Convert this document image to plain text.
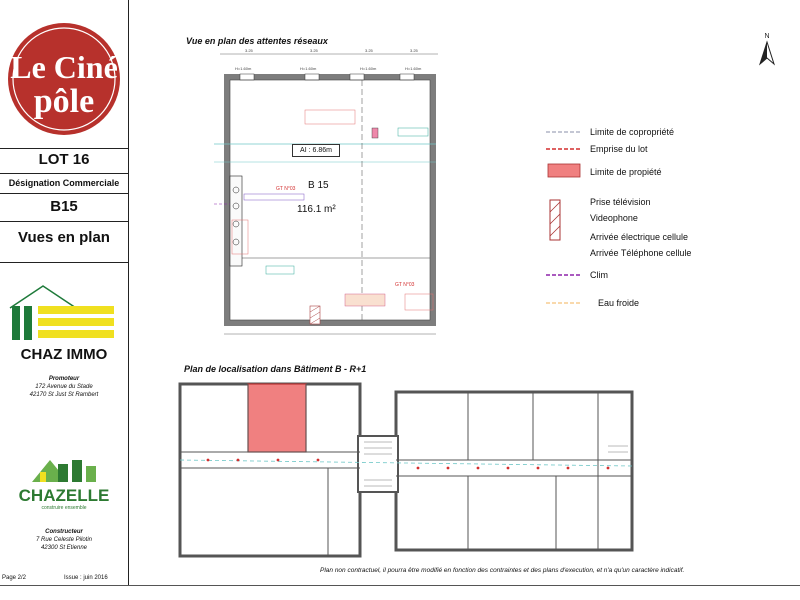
Le Ciné
pôle
LOT 16
Désignation Commerciale
B15
Vues en plan
CHAZ IMMO
Promoteur
172 Avenue du Stade
42170 St Just St Rambert
CHAZELLE
construire ensemble
Constructeur
7 Rue Celeste Pilotin
42300 St Etienne
Vue en plan des attentes réseaux
3.25	3.25	3.25	3.25
H=1.60m	H=1.60m	H=1.60m	H=1.60m
AI : 6.86m
B 15
116.1 m²
GT N°03
GT N°03
N
Limite de copropriété
Emprise du lot
Limite de propiété
Prise télévision
Videophone
Arrivée électrique cellule
Arrivée Téléphone cellule
Clim
Eau froide
Plan de localisation dans Bâtiment B - R+1
Page 2/2	Issue : juin 2016
Plan non contractuel, il pourra être modifié en fonction des contraintes et des plans d'execution, et n'a qu'un caractère indicatif.
